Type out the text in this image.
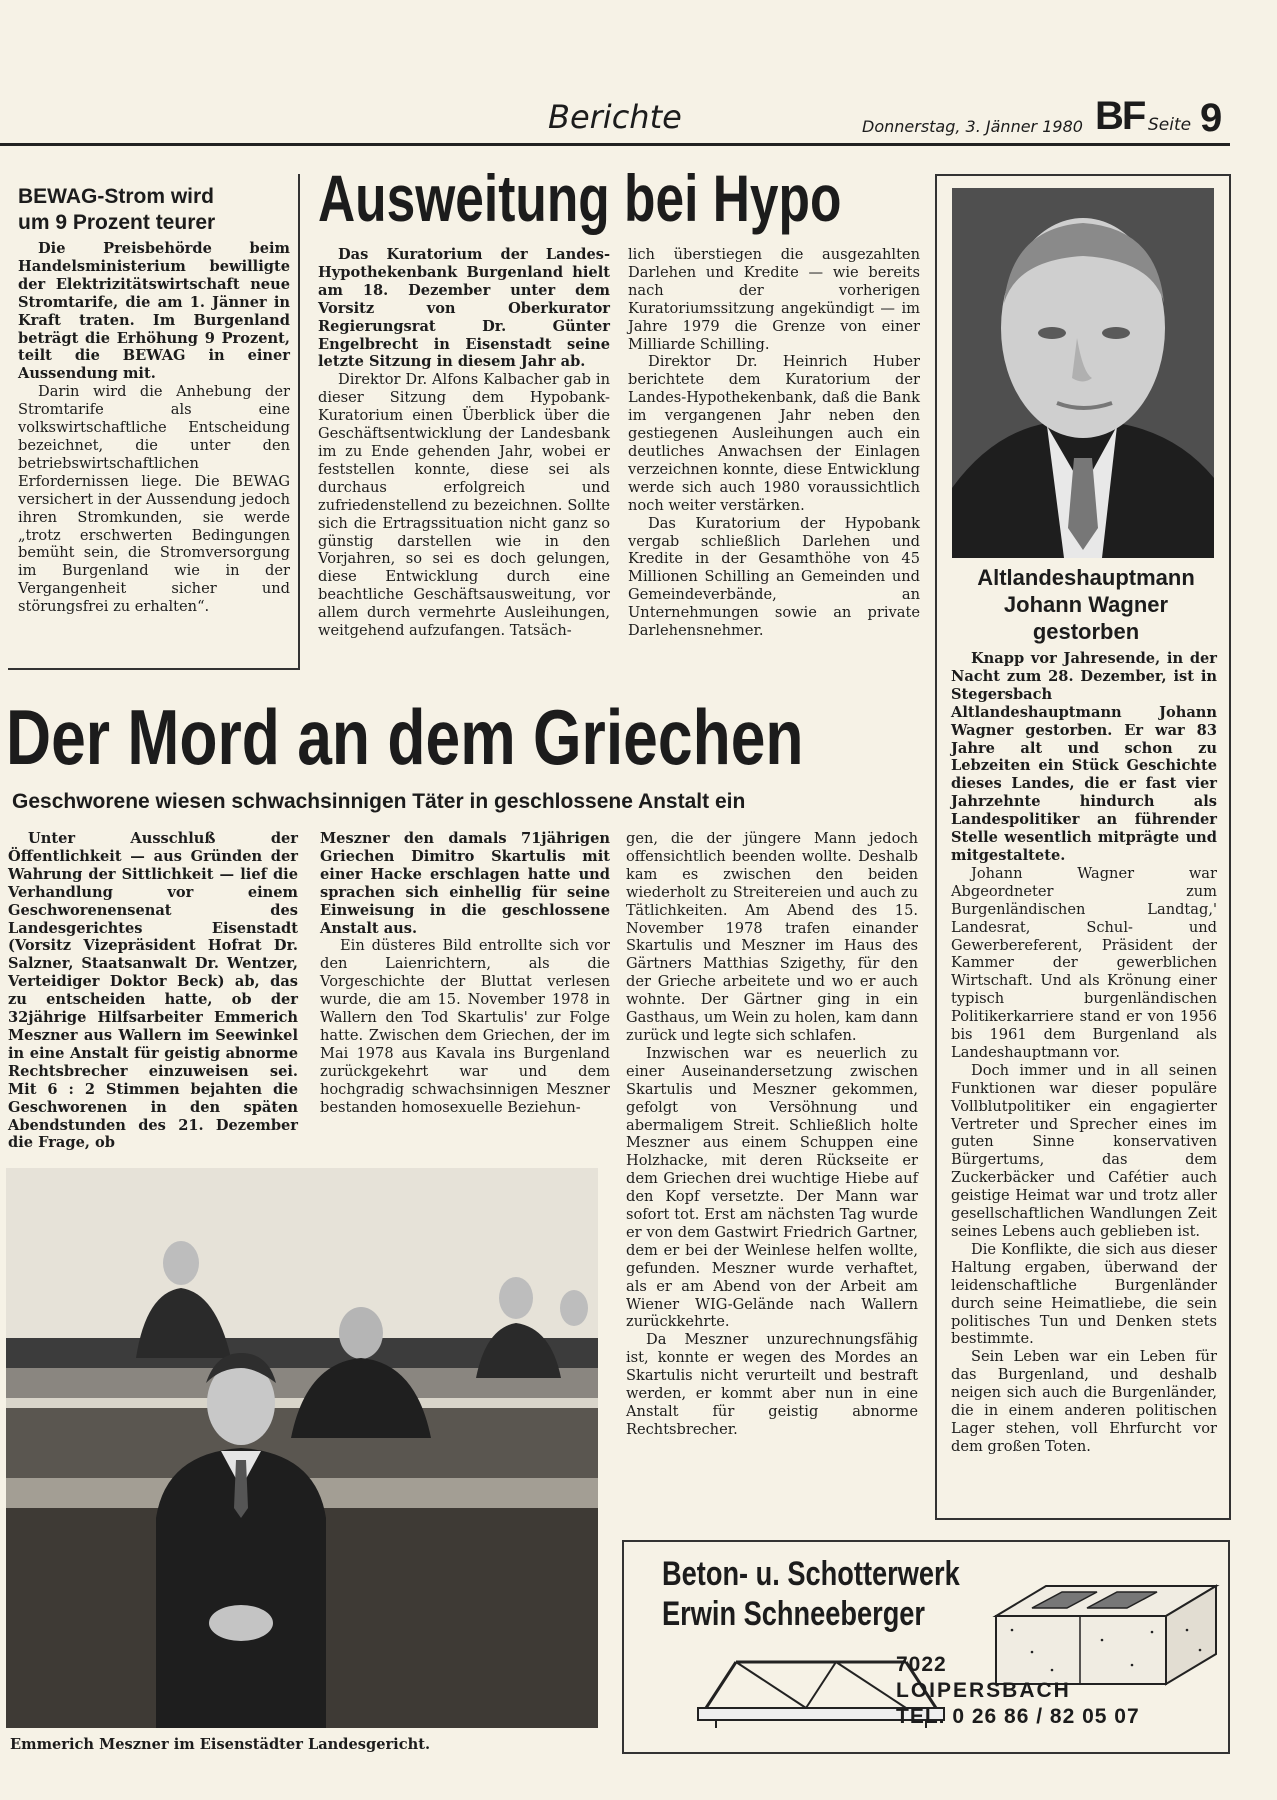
Berichte	Donnerstag, 3. Jänner 1980 BF Seite 9
BEWAG-Strom wird
um 9 Prozent teurer

Die Preisbehörde beim Handelsministerium bewilligte der Elektrizitätswirtschaft neue Stromtarife, die am 1. Jänner in Kraft traten. Im Burgenland beträgt die Erhöhung 9 Prozent, teilt die BEWAG in einer Aussendung mit.

Darin wird die Anhebung der Stromtarife als eine volkswirtschaftliche Entscheidung bezeichnet, die unter den betriebswirtschaftlichen Erfordernissen liege. Die BEWAG versichert in der Aussendung jedoch ihren Stromkunden, sie werde „trotz erschwerten Bedingungen bemüht sein, die Stromversorgung im Burgenland wie in der Vergangenheit sicher und störungsfrei zu erhalten“.

Ausweitung bei Hypo

Das Kuratorium der Landes-Hypothekenbank Burgenland hielt am 18. Dezember unter dem Vorsitz von Oberkurator Regierungsrat Dr. Günter Engelbrecht in Eisenstadt seine letzte Sitzung in diesem Jahr ab.

Direktor Dr. Alfons Kalbacher gab in dieser Sitzung dem Hypobank-Kuratorium einen Überblick über die Geschäftsentwicklung der Landesbank im zu Ende gehenden Jahr, wobei er feststellen konnte, diese sei als durchaus erfolgreich und zufriedenstellend zu bezeichnen. Sollte sich die Ertragssituation nicht ganz so günstig darstellen wie in den Vorjahren, so sei es doch gelungen, diese Entwicklung durch eine beachtliche Geschäftsausweitung, vor allem durch vermehrte Ausleihungen, weitgehend aufzufangen. Tatsäch-

lich überstiegen die ausgezahlten Darlehen und Kredite — wie bereits nach der vorherigen Kuratoriumssitzung angekündigt — im Jahre 1979 die Grenze von einer Milliarde Schilling.

Direktor Dr. Heinrich Huber berichtete dem Kuratorium der Landes-Hypothekenbank, daß die Bank im vergangenen Jahr neben den gestiegenen Ausleihungen auch ein deutliches Anwachsen der Einlagen verzeichnen konnte, diese Entwicklung werde sich auch 1980 voraussichtlich noch weiter verstärken.

Das Kuratorium der Hypobank vergab schließlich Darlehen und Kredite in der Gesamthöhe von 45 Millionen Schilling an Gemeinden und Gemeindeverbände, an Unternehmungen sowie an private Darlehensnehmer.

Altlandeshauptmann
Johann Wagner
gestorben

Knapp vor Jahresende, in der Nacht zum 28. Dezember, ist in Stegersbach Altlandeshauptmann Johann Wagner gestorben. Er war 83 Jahre alt und schon zu Lebzeiten ein Stück Geschichte dieses Landes, die er fast vier Jahrzehnte hindurch als Landespolitiker an führender Stelle wesentlich mitprägte und mitgestaltete.

Johann Wagner war Abgeordneter zum Burgenländischen Landtag,' Landesrat, Schul- und Gewerbereferent, Präsident der Kammer der gewerblichen Wirtschaft. Und als Krönung einer typisch burgenländischen Politikerkarriere stand er von 1956 bis 1961 dem Burgenland als Landeshauptmann vor.

Doch immer und in all seinen Funktionen war dieser populäre Vollblutpolitiker ein engagierter Vertreter und Sprecher eines im guten Sinne konservativen Bürgertums, das dem Zuckerbäcker und Cafétier auch geistige Heimat war und trotz aller gesellschaftlichen Wandlungen Zeit seines Lebens auch geblieben ist.

Die Konflikte, die sich aus dieser Haltung ergaben, überwand der leidenschaftliche Burgenländer durch seine Heimatliebe, die sein politisches Tun und Denken stets bestimmte.

Sein Leben war ein Leben für das Burgenland, und deshalb neigen sich auch die Burgenländer, die in einem anderen politischen Lager stehen, voll Ehrfurcht vor dem großen Toten.

Der Mord an dem Griechen
Geschworene wiesen schwachsinnigen Täter in geschlossene Anstalt ein

Unter Ausschluß der Öffentlichkeit — aus Gründen der Wahrung der Sittlichkeit — lief die Verhandlung vor einem Geschworenensenat des Landesgerichtes Eisenstadt (Vorsitz Vizepräsident Hofrat Dr. Salzner, Staatsanwalt Dr. Wentzer, Verteidiger Doktor Beck) ab, das zu entscheiden hatte, ob der 32jährige Hilfsarbeiter Emmerich Meszner aus Wallern im Seewinkel in eine Anstalt für geistig abnorme Rechtsbrecher einzuweisen sei. Mit 6 : 2 Stimmen bejahten die Geschworenen in den späten Abendstunden des 21. Dezember die Frage, ob

Meszner den damals 71jährigen Griechen Dimitro Skartulis mit einer Hacke erschlagen hatte und sprachen sich einhellig für seine Einweisung in die geschlossene Anstalt aus.

Ein düsteres Bild entrollte sich vor den Laienrichtern, als die Vorgeschichte der Bluttat verlesen wurde, die am 15. November 1978 in Wallern den Tod Skartulis' zur Folge hatte. Zwischen dem Griechen, der im Mai 1978 aus Kavala ins Burgenland zurückgekehrt war und dem hochgradig schwachsinnigen Meszner bestanden homosexuelle Beziehun-

gen, die der jüngere Mann jedoch offensichtlich beenden wollte. Deshalb kam es zwischen den beiden wiederholt zu Streitereien und auch zu Tätlichkeiten. Am Abend des 15. November 1978 trafen einander Skartulis und Meszner im Haus des Gärtners Matthias Szigethy, für den der Grieche arbeitete und wo er auch wohnte. Der Gärtner ging in ein Gasthaus, um Wein zu holen, kam dann zurück und legte sich schlafen.

Inzwischen war es neuerlich zu einer Auseinandersetzung zwischen Skartulis und Meszner gekommen, gefolgt von Versöhnung und abermaligem Streit. Schließlich holte Meszner aus einem Schuppen eine Holzhacke, mit deren Rückseite er dem Griechen drei wuchtige Hiebe auf den Kopf versetzte. Der Mann war sofort tot. Erst am nächsten Tag wurde er von dem Gastwirt Friedrich Gartner, dem er bei der Weinlese helfen wollte, gefunden. Meszner wurde verhaftet, als er am Abend von der Arbeit am Wiener WIG-Gelände nach Wallern zurückkehrte.

Da Meszner unzurechnungsfähig ist, konnte er wegen des Mordes an Skartulis nicht verurteilt und bestraft werden, er kommt aber nun in eine Anstalt für geistig abnorme Rechtsbrecher.

Emmerich Meszner im Eisenstädter Landesgericht.
Beton- u. Schotterwerk
Erwin Schneeberger
7022
LOIPERSBACH
TEL. 0 26 86 / 82 05 07
